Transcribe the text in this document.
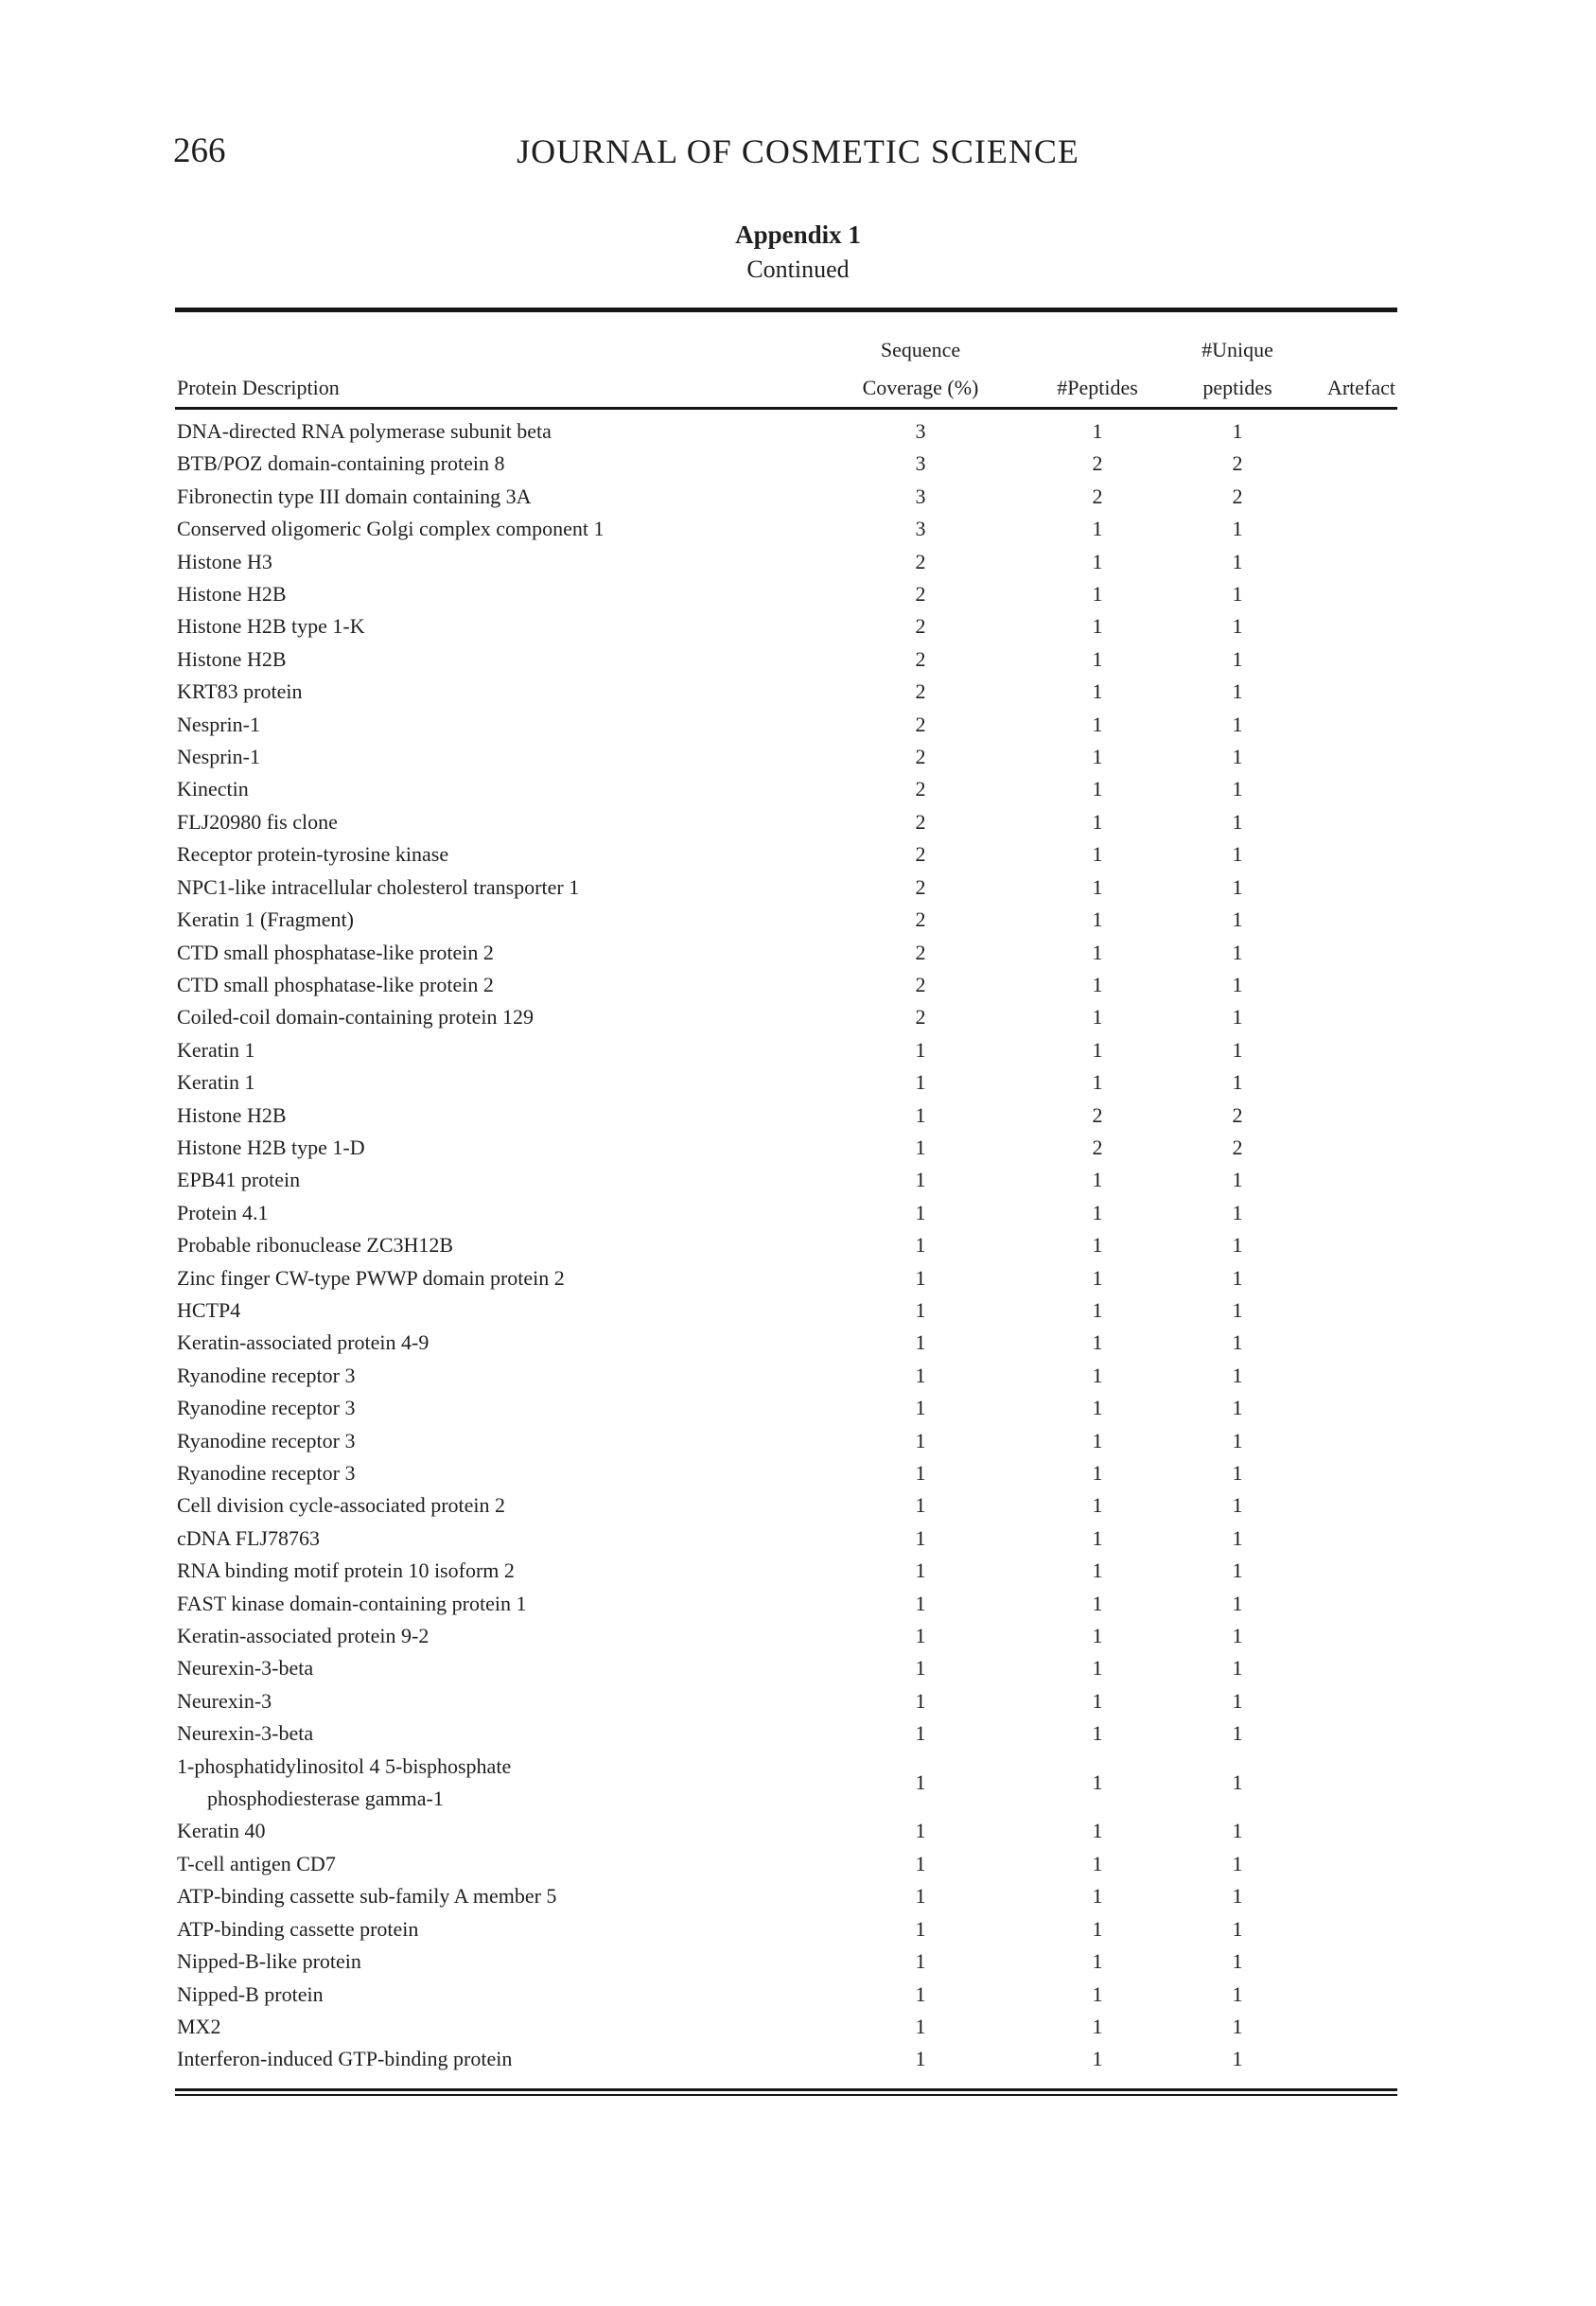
266	JOURNAL OF COSMETIC SCIENCE
Appendix 1
Continued
	Sequence		#Unique	
Protein Description	Coverage (%)	#Peptides	peptides	Artefact

DNA-directed RNA polymerase subunit beta	3	1	1	

BTB/POZ domain-containing protein 8	3	2	2	

Fibronectin type III domain containing 3A	3	2	2	

Conserved oligomeric Golgi complex component 1	3	1	1	

Histone H3	2	1	1	

Histone H2B	2	1	1	

Histone H2B type 1-K	2	1	1	

Histone H2B	2	1	1	

KRT83 protein	2	1	1	

Nesprin-1	2	1	1	

Nesprin-1	2	1	1	

Kinectin	2	1	1	

FLJ20980 fis clone	2	1	1	

Receptor protein-tyrosine kinase	2	1	1	

NPC1-like intracellular cholesterol transporter 1	2	1	1	

Keratin 1 (Fragment)	2	1	1	

CTD small phosphatase-like protein 2	2	1	1	

CTD small phosphatase-like protein 2	2	1	1	

Coiled-coil domain-containing protein 129	2	1	1	

Keratin 1	1	1	1	

Keratin 1	1	1	1	

Histone H2B	1	2	2	

Histone H2B type 1-D	1	2	2	

EPB41 protein	1	1	1	

Protein 4.1	1	1	1	

Probable ribonuclease ZC3H12B	1	1	1	

Zinc finger CW-type PWWP domain protein 2	1	1	1	

HCTP4	1	1	1	

Keratin-associated protein 4-9	1	1	1	

Ryanodine receptor 3	1	1	1	

Ryanodine receptor 3	1	1	1	

Ryanodine receptor 3	1	1	1	

Ryanodine receptor 3	1	1	1	

Cell division cycle-associated protein 2	1	1	1	

cDNA FLJ78763	1	1	1	

RNA binding motif protein 10 isoform 2	1	1	1	

FAST kinase domain-containing protein 1	1	1	1	

Keratin-associated protein 9-2	1	1	1	

Neurexin-3-beta	1	1	1	

Neurexin-3	1	1	1	

Neurexin-3-beta	1	1	1	

1-phosphatidylinositol 4 5-bisphosphate
phosphodiesterase gamma-1	1	1	1	

Keratin 40	1	1	1	

T-cell antigen CD7	1	1	1	

ATP-binding cassette sub-family A member 5	1	1	1	

ATP-binding cassette protein	1	1	1	

Nipped-B-like protein	1	1	1	

Nipped-B protein	1	1	1	

MX2	1	1	1	

Interferon-induced GTP-binding protein	1	1	1	
